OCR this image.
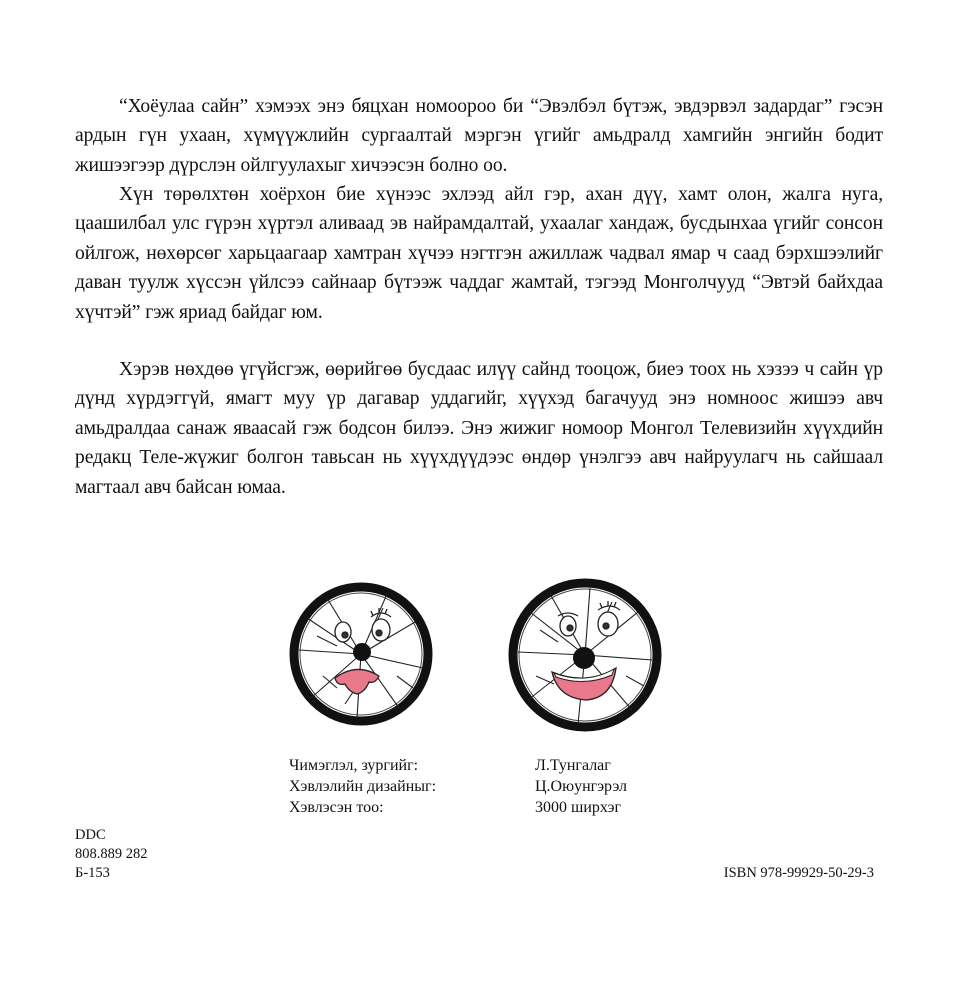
“Хоёулаа сайн” хэмээх энэ бяцхан номоороо би “Эвэлбэл бүтэж, эвдэрвэл задардаг” гэсэн ардын гүн ухаан, хүмүүжлийн сургаалтай мэргэн үгийг амьдралд хамгийн энгийн бодит жишээгээр дүрслэн ойлгуулахыг хичээсэн болно оо.

Хүн төрөлхтөн хоёрхон бие хүнээс эхлээд айл гэр, ахан дүү, хамт олон, жалга нуга, цаашилбал улс гүрэн хүртэл аливаад эв найрамдалтай, ухаалаг хандаж, бусдынхаа үгийг сонсон ойлгож, нөхөрсөг харьцаагаар хамтран хүчээ нэгтгэн ажиллаж чадвал ямар ч саад бэрхшээлийг даван туулж хүссэн үйлсээ сайнаар бүтээж чаддаг жамтай, тэгээд Монголчууд “Эвтэй байхдаа хүчтэй” гэж яриад байдаг юм.

Хэрэв нөхдөө үгүйсгэж, өөрийгөө бусдаас илүү сайнд тооцож, биеэ тоох нь хэзээ ч сайн үр дүнд хүрдэггүй, ямагт муу үр дагавар уддагийг, хүүхэд багачууд энэ номноос жишээ авч амьдралдаа санаж яваасай гэж бодсон билээ. Энэ жижиг номоор Монгол Телевизийн хүүхдийн редакц Теле-жүжиг болгон тавьсан нь хүүхдүүдээс өндөр үнэлгээ авч найруулагч нь сайшаал магтаал авч байсан юмаа.

Чимэглэл, зургийг:	Л.Тунгалаг
Хэвлэлийн дизайныг:	Ц.Оюунгэрэл
Хэвлэсэн тоо:	3000 ширхэг
DDC
808.889 282
Б-153	ISBN 978-99929-50-29-3
